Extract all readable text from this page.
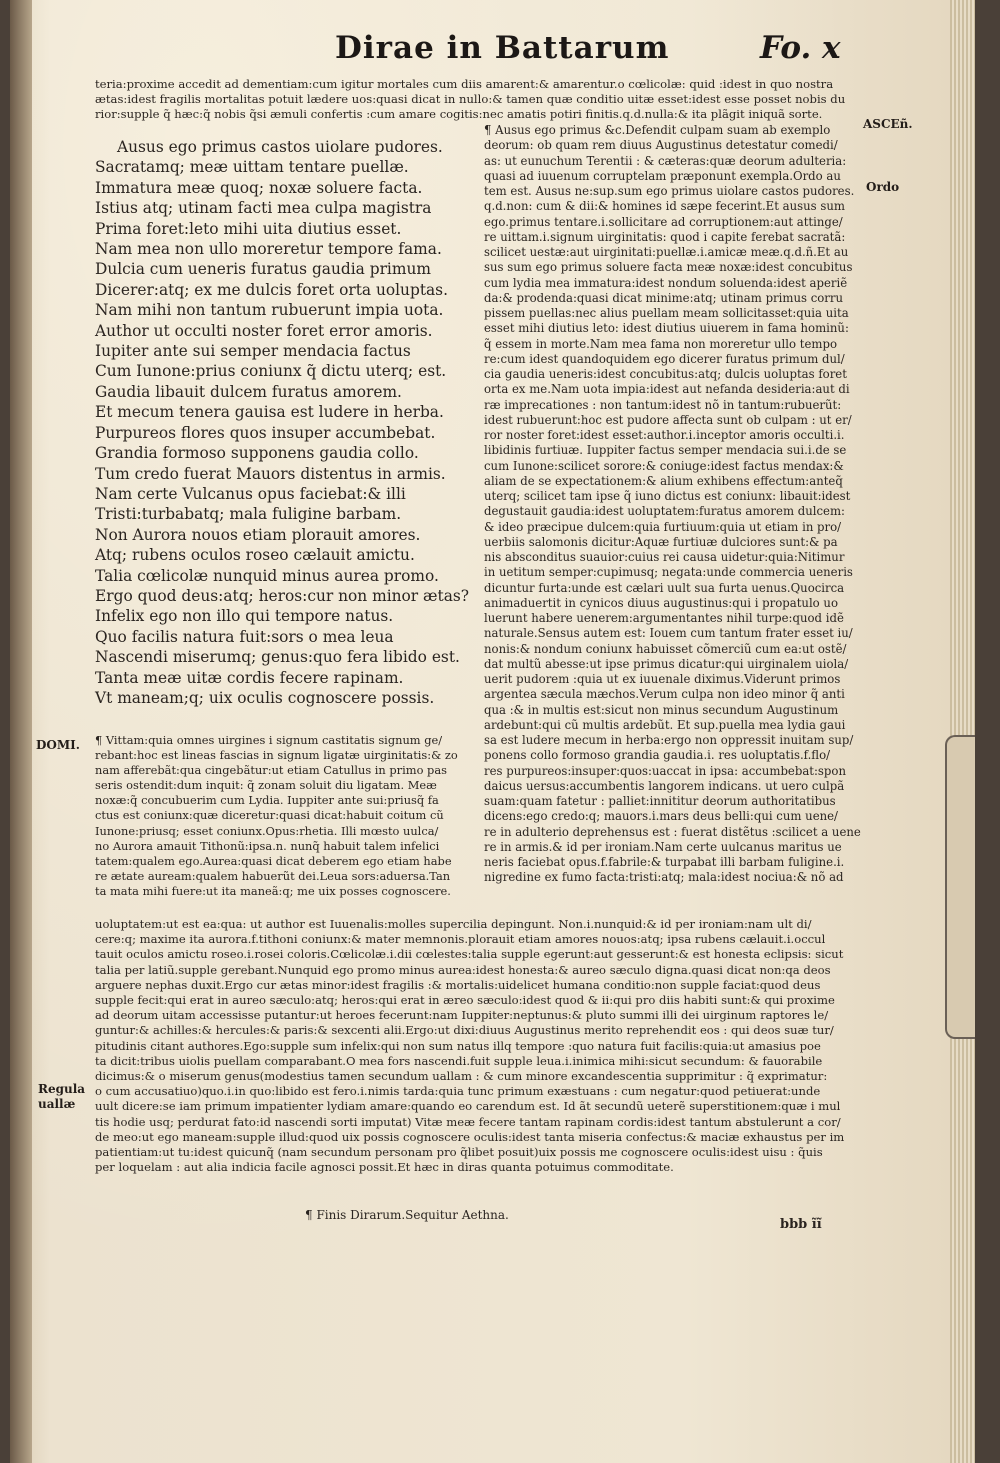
Dirae in Battarum	Fo. x
teria:proxime accedit ad dementiam:cum igitur mortales cum diis amarent:& amarentur.o cœlicolæ: quid :idest in quo nostra
ætas:idest fragilis mortalitas potuit lædere uos:quasi dicat in nullo:& tamen quæ conditio uitæ esset:idest esse posset nobis du
rior:supple q̃ hæc:q̃ nobis q̃si æmuli confertis :cum amare cogitis:nec amatis potiri finitis.q.d.nulla:& ita plãgit iniquã sorte.
Ausus ego primus castos uiolare pudores.
Sacratamq; meæ uittam tentare puellæ.
Immatura meæ quoq; noxæ soluere facta.
Istius atq; utinam facti mea culpa magistra
Prima foret:leto mihi uita diutius esset.
Nam mea non ullo moreretur tempore fama.
Dulcia cum ueneris furatus gaudia primum
Dicerer:atq; ex me dulcis foret orta uoluptas.
Nam mihi non tantum rubuerunt impia uota.
Author ut occulti noster foret error amoris.
Iupiter ante sui semper mendacia factus
Cum Iunone:prius coniunx q̃ dictu uterq; est.
Gaudia libauit dulcem furatus amorem.
Et mecum tenera gauisa est ludere in herba.
Purpureos flores quos insuper accumbebat.
Grandia formoso supponens gaudia collo.
Tum credo fuerat Mauors distentus in armis.
Nam certe Vulcanus opus faciebat:& illi
Tristi:turbabatq; mala fuligine barbam.
Non Aurora nouos etiam plorauit amores.
Atq; rubens oculos roseo cælauit amictu.
Talia cœlicolæ nunquid minus aurea promo.
Ergo quod deus:atq; heros:cur non minor ætas?
Infelix ego non illo qui tempore natus.
Quo facilis natura fuit:sors o mea leua
Nascendi miserumq; genus:quo fera libido est.
Tanta meæ uitæ cordis fecere rapinam.
Vt maneam;q; uix oculis cognoscere possis.
¶ Ausus ego primus &c.Defendit culpam suam ab exemplo
deorum: ob quam rem diuus Augustinus detestatur comedi/
as: ut eunuchum Terentii : & cæteras:quæ deorum adulteria:
quasi ad iuuenum corruptelam præponunt exempla.Ordo au
tem est. Ausus ne:sup.sum ego primus uiolare castos pudores.
q.d.non: cum & dii:& homines id sæpe fecerint.Et ausus sum
ego.primus tentare.i.sollicitare ad corruptionem:aut attinge/
re uittam.i.signum uirginitatis: quod i capite ferebat sacratã:
scilicet uestæ:aut uirginitati:puellæ.i.amicæ meæ.q.d.ñ.Et au
sus sum ego primus soluere facta meæ noxæ:idest concubitus
cum lydia mea immatura:idest nondum soluenda:idest aperiẽ
da:& prodenda:quasi dicat minime:atq; utinam primus corru
pissem puellas:nec alius puellam meam sollicitasset:quia uita
esset mihi diutius leto: idest diutius uiuerem in fama hominũ:
q̃ essem in morte.Nam mea fama non moreretur ullo tempo
re:cum idest quandoquidem ego dicerer furatus primum dul/
cia gaudia ueneris:idest concubitus:atq; dulcis uoluptas foret
orta ex me.Nam uota impia:idest aut nefanda desideria:aut di
ræ imprecationes : non tantum:idest nõ in tantum:rubuerũt:
idest rubuerunt:hoc est pudore affecta sunt ob culpam : ut er/
ror noster foret:idest esset:author.i.inceptor amoris occulti.i.
libidinis furtiuæ. Iuppiter factus semper mendacia sui.i.de se
cum Iunone:scilicet sorore:& coniuge:idest factus mendax:&
aliam de se expectationem:& alium exhibens effectum:anteq̃
uterq; scilicet tam ipse q̃ iuno dictus est coniunx: libauit:idest
degustauit gaudia:idest uoluptatem:furatus amorem dulcem:
& ideo præcipue dulcem:quia furtiuum:quia ut etiam in pro/
uerbiis salomonis dicitur:Aquæ furtiuæ dulciores sunt:& pa
nis absconditus suauior:cuius rei causa uidetur:quia:Nitimur
in uetitum semper:cupimusq; negata:unde commercia ueneris
dicuntur furta:unde est cælari uult sua furta uenus.Quocirca
animaduertit in cynicos diuus augustinus:qui i propatulo uo
luerunt habere uenerem:argumentantes nihil turpe:quod idẽ
naturale.Sensus autem est: Iouem cum tantum frater esset iu/
nonis:& nondum coniunx habuisset cõmerciũ cum ea:ut ostẽ/
dat multũ abesse:ut ipse primus dicatur:qui uirginalem uiola/
uerit pudorem :quia ut ex iuuenale diximus.Viderunt primos
argentea sæcula mæchos.Verum culpa non ideo minor q̃ anti
qua :& in multis est:sicut non minus secundum Augustinum
ardebunt:qui cũ multis ardebũt. Et sup.puella mea lydia gaui
sa est ludere mecum in herba:ergo non oppressit inuitam sup/
ponens collo formoso grandia gaudia.i. res uoluptatis.f.flo/
res purpureos:insuper:quos:uaccat in ipsa: accumbebat:spon
daicus uersus:accumbentis langorem indicans. ut uero culpã
suam:quam fatetur : palliet:innititur deorum authoritatibus
dicens:ego credo:q; mauors.i.mars deus belli:qui cum uene/
re in adulterio deprehensus est : fuerat distẽtus :scilicet a uene
re in armis.& id per ironiam.Nam certe uulcanus maritus ue
neris faciebat opus.f.fabrile:& turpabat illi barbam fuligine.i.
nigredine ex fumo facta:tristi:atq; mala:idest nociua:& nõ ad
¶ Vittam:quia omnes uirgines i signum castitatis signum ge/
rebant:hoc est lineas fascias in signum ligatæ uirginitatis:& zo
nam afferebãt:qua cingebãtur:ut etiam Catullus in primo pas
seris ostendit:dum inquit: q̃ zonam soluit diu ligatam. Meæ
noxæ:q̃ concubuerim cum Lydia. Iuppiter ante sui:priusq̃ fa
ctus est coniunx:quæ diceretur:quasi dicat:habuit coitum cũ
Iunone:priusq; esset coniunx.Opus:rhetia. Illi mœsto uulca/
no Aurora amauit Tithonũ:ipsa.n. nunq̃ habuit talem infelici
tatem:qualem ego.Aurea:quasi dicat deberem ego etiam habe
re ætate auream:qualem habuerũt dei.Leua sors:aduersa.Tan
ta mata mihi fuere:ut ita maneã:q; me uix posses cognoscere.
uoluptatem:ut est ea:qua: ut author est Iuuenalis:molles supercilia depingunt. Non.i.nunquid:& id per ironiam:nam ult di/
cere:q; maxime ita aurora.f.tithoni coniunx:& mater memnonis.plorauit etiam amores nouos:atq; ipsa rubens cælauit.i.occul
tauit oculos amictu roseo.i.rosei coloris.Cœlicolæ.i.dii cœlestes:talia supple egerunt:aut gesserunt:& est honesta eclipsis: sicut
talia per latiũ.supple gerebant.Nunquid ego promo minus aurea:idest honesta:& aureo sæculo digna.quasi dicat non:qa deos
arguere nephas duxit.Ergo cur ætas minor:idest fragilis :& mortalis:uidelicet humana conditio:non supple faciat:quod deus
supple fecit:qui erat in aureo sæculo:atq; heros:qui erat in æreo sæculo:idest quod & ii:qui pro diis habiti sunt:& qui proxime
ad deorum uitam accessisse putantur:ut heroes fecerunt:nam Iuppiter:neptunus:& pluto summi illi dei uirginum raptores le/
guntur:& achilles:& hercules:& paris:& sexcenti alii.Ergo:ut dixi:diuus Augustinus merito reprehendit eos : qui deos suæ tur/
pitudinis citant authores.Ego:supple sum infelix:qui non sum natus illq tempore :quo natura fuit facilis:quia:ut amasius poe
ta dicit:tribus uiolis puellam comparabant.O mea fors nascendi.fuit supple leua.i.inimica mihi:sicut secundum: & fauorabile
dicimus:& o miserum genus(modestius tamen secundum uallam : & cum minore excandescentia supprimitur : q̃ exprimatur:
o cum accusatiuo)quo.i.in quo:libido est fero.i.nimis tarda:quia tunc primum exæstuans : cum negatur:quod petiuerat:unde
uult dicere:se iam primum impatienter lydiam amare:quando eo carendum est. Id ãt secundũ ueterẽ superstitionem:quæ i mul
tis hodie usq; perdurat fato:id nascendi sorti imputat) Vitæ meæ fecere tantam rapinam cordis:idest tantum abstulerunt a cor/
de meo:ut ego maneam:supple illud:quod uix possis cognoscere oculis:idest tanta miseria confectus:& maciæ exhaustus per im
patientiam:ut tu:idest quicunq̃ (nam secundum personam pro q̃libet posuit)uix possis me cognoscere oculis:idest uisu : q̃uis
per loquelam : aut alia indicia facile agnosci possit.Et hæc in diras quanta potuimus commoditate.
ASCEñ.
Ordo
DOMI.
Regula uallæ
¶ Finis Dirarum.Sequitur Aethna.
bbb ĩĩ
